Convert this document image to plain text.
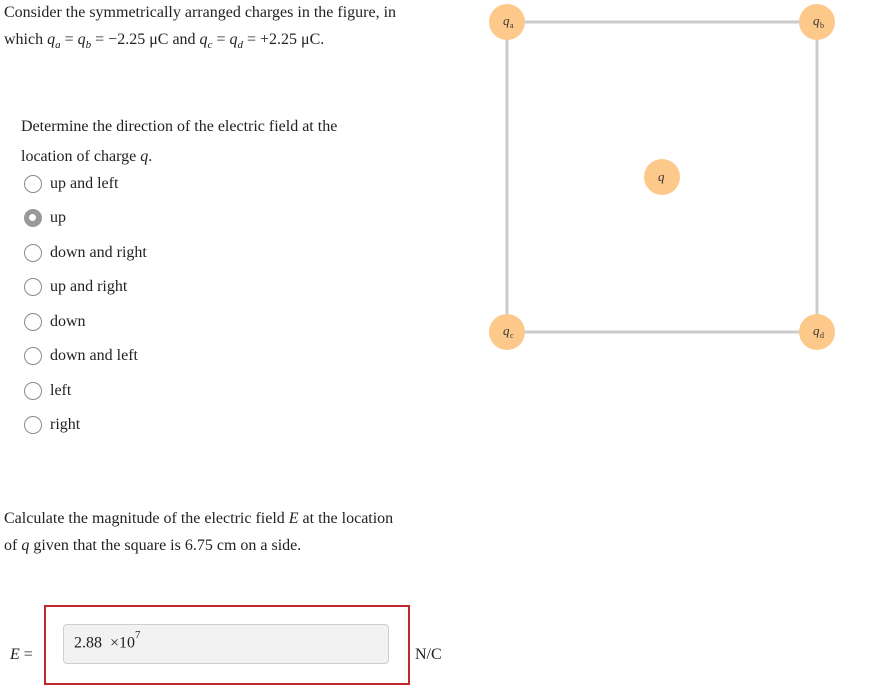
Consider the symmetrically arranged charges in the figure, in
which $q_a = q_b = -2.25$ μC and $q_c = q_d = +2.25$ μC.
Determine the direction of the electric field at the
location of charge q.
up and left
up
down and right
up and right
down
down and left
left
right
Calculate the magnitude of the electric field E at the location
of q given that the square is 6.75 cm on a side.
E =
$2.88 \times 10^7$
N/C
q a	q b
q c	q d
q
